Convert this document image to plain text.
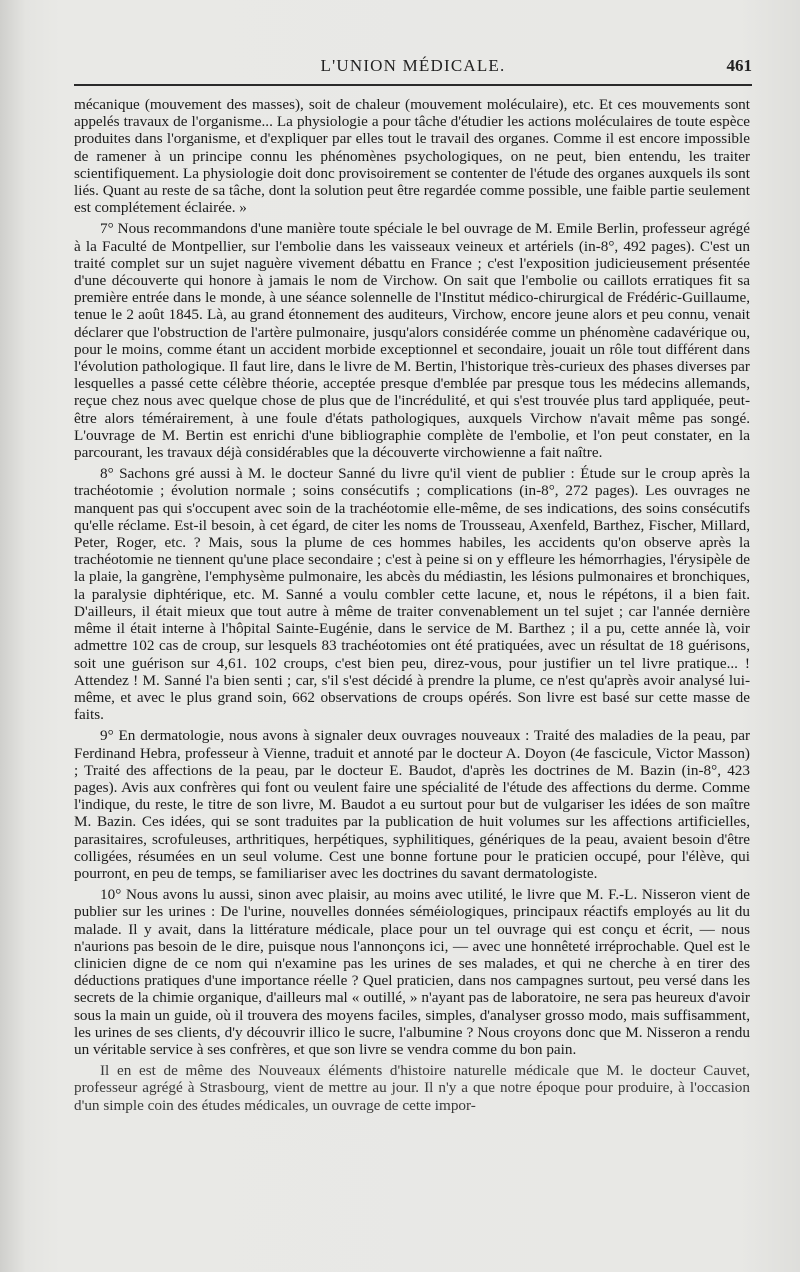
L'UNION MÉDICALE.	461

mécanique (mouvement des masses), soit de chaleur (mouvement moléculaire), etc. Et ces mouvements sont appelés travaux de l'organisme... La physiologie a pour tâche d'étudier les actions moléculaires de toute espèce produites dans l'organisme, et d'expliquer par elles tout le travail des organes. Comme il est encore impossible de ramener à un principe connu les phénomènes psychologiques, on ne peut, bien entendu, les traiter scientifiquement. La physiologie doit donc provisoirement se contenter de l'étude des organes auxquels ils sont liés. Quant au reste de sa tâche, dont la solution peut être regardée comme possible, une faible partie seulement est complétement éclairée. »

7° Nous recommandons d'une manière toute spéciale le bel ouvrage de M. Emile Berlin, professeur agrégé à la Faculté de Montpellier, sur l'embolie dans les vaisseaux veineux et artériels (in-8°, 492 pages). C'est un traité complet sur un sujet naguère vivement débattu en France ; c'est l'exposition judicieusement présentée d'une découverte qui honore à jamais le nom de Virchow. On sait que l'embolie ou caillots erratiques fit sa première entrée dans le monde, à une séance solennelle de l'Institut médico-chirurgical de Frédéric-Guillaume, tenue le 2 août 1845. Là, au grand étonnement des auditeurs, Virchow, encore jeune alors et peu connu, venait déclarer que l'obstruction de l'artère pulmonaire, jusqu'alors considérée comme un phénomène cadavérique ou, pour le moins, comme étant un accident morbide exceptionnel et secondaire, jouait un rôle tout différent dans l'évolution pathologique. Il faut lire, dans le livre de M. Bertin, l'historique très-curieux des phases diverses par lesquelles a passé cette célèbre théorie, acceptée presque d'emblée par presque tous les médecins allemands, reçue chez nous avec quelque chose de plus que de l'incrédulité, et qui s'est trouvée plus tard appliquée, peut-être alors témérairement, à une foule d'états pathologiques, auxquels Virchow n'avait même pas songé. L'ouvrage de M. Bertin est enrichi d'une bibliographie complète de l'embolie, et l'on peut constater, en la parcourant, les travaux déjà considérables que la découverte virchowienne a fait naître.

8° Sachons gré aussi à M. le docteur Sanné du livre qu'il vient de publier : Étude sur le croup après la trachéotomie ; évolution normale ; soins consécutifs ; complications (in-8°, 272 pages). Les ouvrages ne manquent pas qui s'occupent avec soin de la trachéotomie elle-même, de ses indications, des soins consécutifs qu'elle réclame. Est-il besoin, à cet égard, de citer les noms de Trousseau, Axenfeld, Barthez, Fischer, Millard, Peter, Roger, etc. ? Mais, sous la plume de ces hommes habiles, les accidents qu'on observe après la trachéotomie ne tiennent qu'une place secondaire ; c'est à peine si on y effleure les hémorrhagies, l'érysipèle de la plaie, la gangrène, l'emphysème pulmonaire, les abcès du médiastin, les lésions pulmonaires et bronchiques, la paralysie diphtérique, etc. M. Sanné a voulu combler cette lacune, et, nous le répétons, il a bien fait. D'ailleurs, il était mieux que tout autre à même de traiter convenablement un tel sujet ; car l'année dernière même il était interne à l'hôpital Sainte-Eugénie, dans le service de M. Barthez ; il a pu, cette année là, voir admettre 102 cas de croup, sur lesquels 83 trachéotomies ont été pratiquées, avec un résultat de 18 guérisons, soit une guérison sur 4,61. 102 croups, c'est bien peu, direz-vous, pour justifier un tel livre pratique... ! Attendez ! M. Sanné l'a bien senti ; car, s'il s'est décidé à prendre la plume, ce n'est qu'après avoir analysé lui-même, et avec le plus grand soin, 662 observations de croups opérés. Son livre est basé sur cette masse de faits.

9° En dermatologie, nous avons à signaler deux ouvrages nouveaux : Traité des maladies de la peau, par Ferdinand Hebra, professeur à Vienne, traduit et annoté par le docteur A. Doyon (4e fascicule, Victor Masson) ; Traité des affections de la peau, par le docteur E. Baudot, d'après les doctrines de M. Bazin (in-8°, 423 pages). Avis aux confrères qui font ou veulent faire une spécialité de l'étude des affections du derme. Comme l'indique, du reste, le titre de son livre, M. Baudot a eu surtout pour but de vulgariser les idées de son maître M. Bazin. Ces idées, qui se sont traduites par la publication de huit volumes sur les affections artificielles, parasitaires, scrofuleuses, arthritiques, herpétiques, syphilitiques, génériques de la peau, avaient besoin d'être colligées, résumées en un seul volume. Cest une bonne fortune pour le praticien occupé, pour l'élève, qui pourront, en peu de temps, se familiariser avec les doctrines du savant dermatologiste.

10° Nous avons lu aussi, sinon avec plaisir, au moins avec utilité, le livre que M. F.-L. Nisseron vient de publier sur les urines : De l'urine, nouvelles données séméiologiques, principaux réactifs employés au lit du malade. Il y avait, dans la littérature médicale, place pour un tel ouvrage qui est conçu et écrit, — nous n'aurions pas besoin de le dire, puisque nous l'annonçons ici, — avec une honnêteté irréprochable. Quel est le clinicien digne de ce nom qui n'examine pas les urines de ses malades, et qui ne cherche à en tirer des déductions pratiques d'une importance réelle ? Quel praticien, dans nos campagnes surtout, peu versé dans les secrets de la chimie organique, d'ailleurs mal « outillé, » n'ayant pas de laboratoire, ne sera pas heureux d'avoir sous la main un guide, où il trouvera des moyens faciles, simples, d'analyser grosso modo, mais suffisamment, les urines de ses clients, d'y découvrir illico le sucre, l'albumine ? Nous croyons donc que M. Nisseron a rendu un véritable service à ses confrères, et que son livre se vendra comme du bon pain.

Il en est de même des Nouveaux éléments d'histoire naturelle médicale que M. le docteur Cauvet, professeur agrégé à Strasbourg, vient de mettre au jour. Il n'y a que notre époque pour produire, à l'occasion d'un simple coin des études médicales, un ouvrage de cette impor-
